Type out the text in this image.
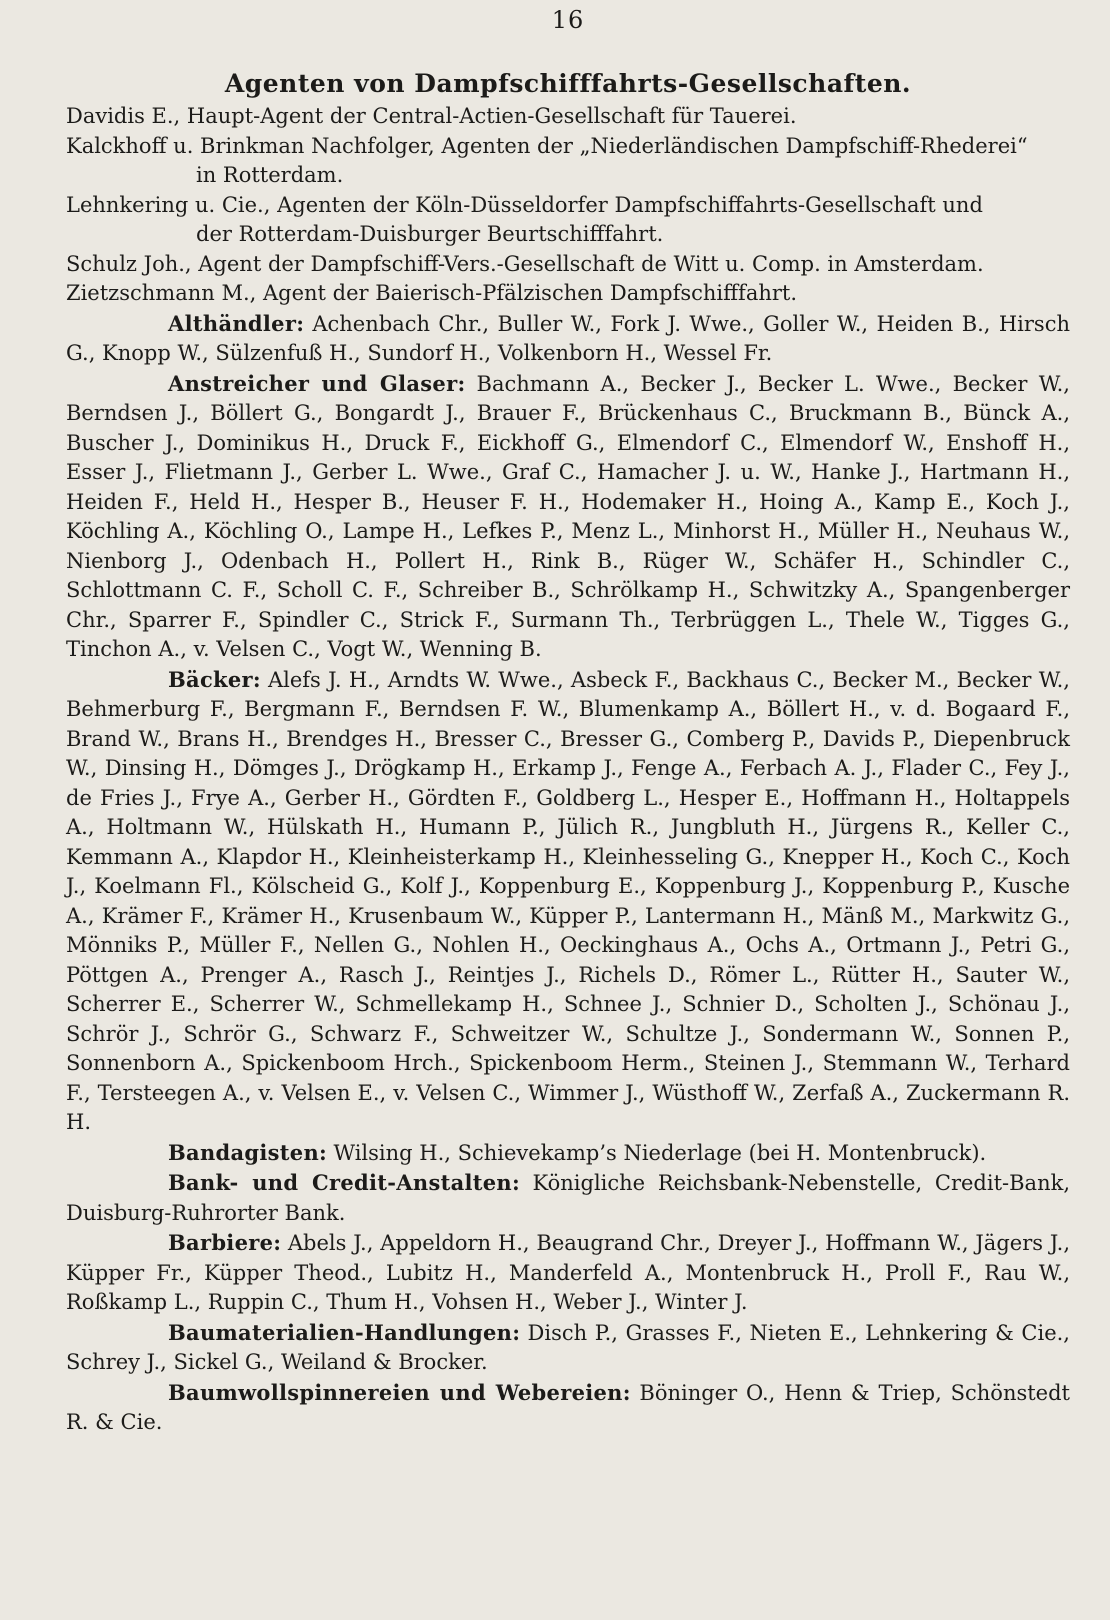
16
Agenten von Dampfschifffahrts-Gesellschaften.

Davidis E., Haupt-Agent der Central-Actien-Gesellschaft für Tauerei.

Kalckhoff u. Brinkman Nachfolger, Agenten der „Niederländischen Dampfschiff-Rhederei“
in Rotterdam.

Lehnkering u. Cie., Agenten der Köln-Düsseldorfer Dampfschiffahrts-Gesellschaft und
der Rotterdam-Duisburger Beurtschifffahrt.

Schulz Joh., Agent der Dampfschiff-Vers.-Gesellschaft de Witt u. Comp. in Amsterdam.

Zietzschmann M., Agent der Baierisch-Pfälzischen Dampfschifffahrt.

Althändler: Achenbach Chr., Buller W., Fork J. Wwe., Goller W., Heiden B., Hirsch G., Knopp W., Sülzenfuß H., Sundorf H., Volkenborn H., Wessel Fr.

Anstreicher und Glaser: Bachmann A., Becker J., Becker L. Wwe., Becker W., Berndsen J., Böllert G., Bongardt J., Brauer F., Brückenhaus C., Bruckmann B., Bünck A., Buscher J., Dominikus H., Druck F., Eickhoff G., Elmendorf C., Elmendorf W., Enshoff H., Esser J., Flietmann J., Gerber L. Wwe., Graf C., Hamacher J. u. W., Hanke J., Hartmann H., Heiden F., Held H., Hesper B., Heuser F. H., Hodemaker H., Hoing A., Kamp E., Koch J., Köchling A., Köchling O., Lampe H., Lefkes P., Menz L., Minhorst H., Müller H., Neuhaus W., Nienborg J., Odenbach H., Pollert H., Rink B., Rüger W., Schäfer H., Schindler C., Schlottmann C. F., Scholl C. F., Schreiber B., Schrölkamp H., Schwitzky A., Spangenberger Chr., Sparrer F., Spindler C., Strick F., Surmann Th., Terbrüggen L., Thele W., Tigges G., Tinchon A., v. Velsen C., Vogt W., Wenning B.

Bäcker: Alefs J. H., Arndts W. Wwe., Asbeck F., Backhaus C., Becker M., Becker W., Behmerburg F., Bergmann F., Berndsen F. W., Blumenkamp A., Böllert H., v. d. Bogaard F., Brand W., Brans H., Brendges H., Bresser C., Bresser G., Comberg P., Davids P., Diepenbruck W., Dinsing H., Dömges J., Drögkamp H., Erkamp J., Fenge A., Ferbach A. J., Flader C., Fey J., de Fries J., Frye A., Gerber H., Gördten F., Goldberg L., Hesper E., Hoffmann H., Holtappels A., Holtmann W., Hülskath H., Humann P., Jülich R., Jungbluth H., Jürgens R., Keller C., Kemmann A., Klapdor H., Kleinheisterkamp H., Kleinhesseling G., Knepper H., Koch C., Koch J., Koelmann Fl., Kölscheid G., Kolf J., Koppenburg E., Koppenburg J., Koppenburg P., Kusche A., Krämer F., Krämer H., Krusenbaum W., Küpper P., Lantermann H., Mänß M., Markwitz G., Mönniks P., Müller F., Nellen G., Nohlen H., Oeckinghaus A., Ochs A., Ortmann J., Petri G., Pöttgen A., Prenger A., Rasch J., Reintjes J., Richels D., Römer L., Rütter H., Sauter W., Scherrer E., Scherrer W., Schmellekamp H., Schnee J., Schnier D., Scholten J., Schönau J., Schrör J., Schrör G., Schwarz F., Schweitzer W., Schultze J., Sondermann W., Sonnen P., Sonnenborn A., Spickenboom Hrch., Spickenboom Herm., Steinen J., Stemmann W., Terhard F., Tersteegen A., v. Velsen E., v. Velsen C., Wimmer J., Wüsthoff W., Zerfaß A., Zuckermann R. H.

Bandagisten: Wilsing H., Schievekamp’s Niederlage (bei H. Montenbruck).

Bank- und Credit-Anstalten: Königliche Reichsbank-Nebenstelle, Credit-Bank, Duisburg-Ruhrorter Bank.

Barbiere: Abels J., Appeldorn H., Beaugrand Chr., Dreyer J., Hoffmann W., Jägers J., Küpper Fr., Küpper Theod., Lubitz H., Manderfeld A., Montenbruck H., Proll F., Rau W., Roßkamp L., Ruppin C., Thum H., Vohsen H., Weber J., Winter J.

Baumaterialien-Handlungen: Disch P., Grasses F., Nieten E., Lehnkering & Cie., Schrey J., Sickel G., Weiland & Brocker.

Baumwollspinnereien und Webereien: Böninger O., Henn & Triep, Schönstedt R. & Cie.
